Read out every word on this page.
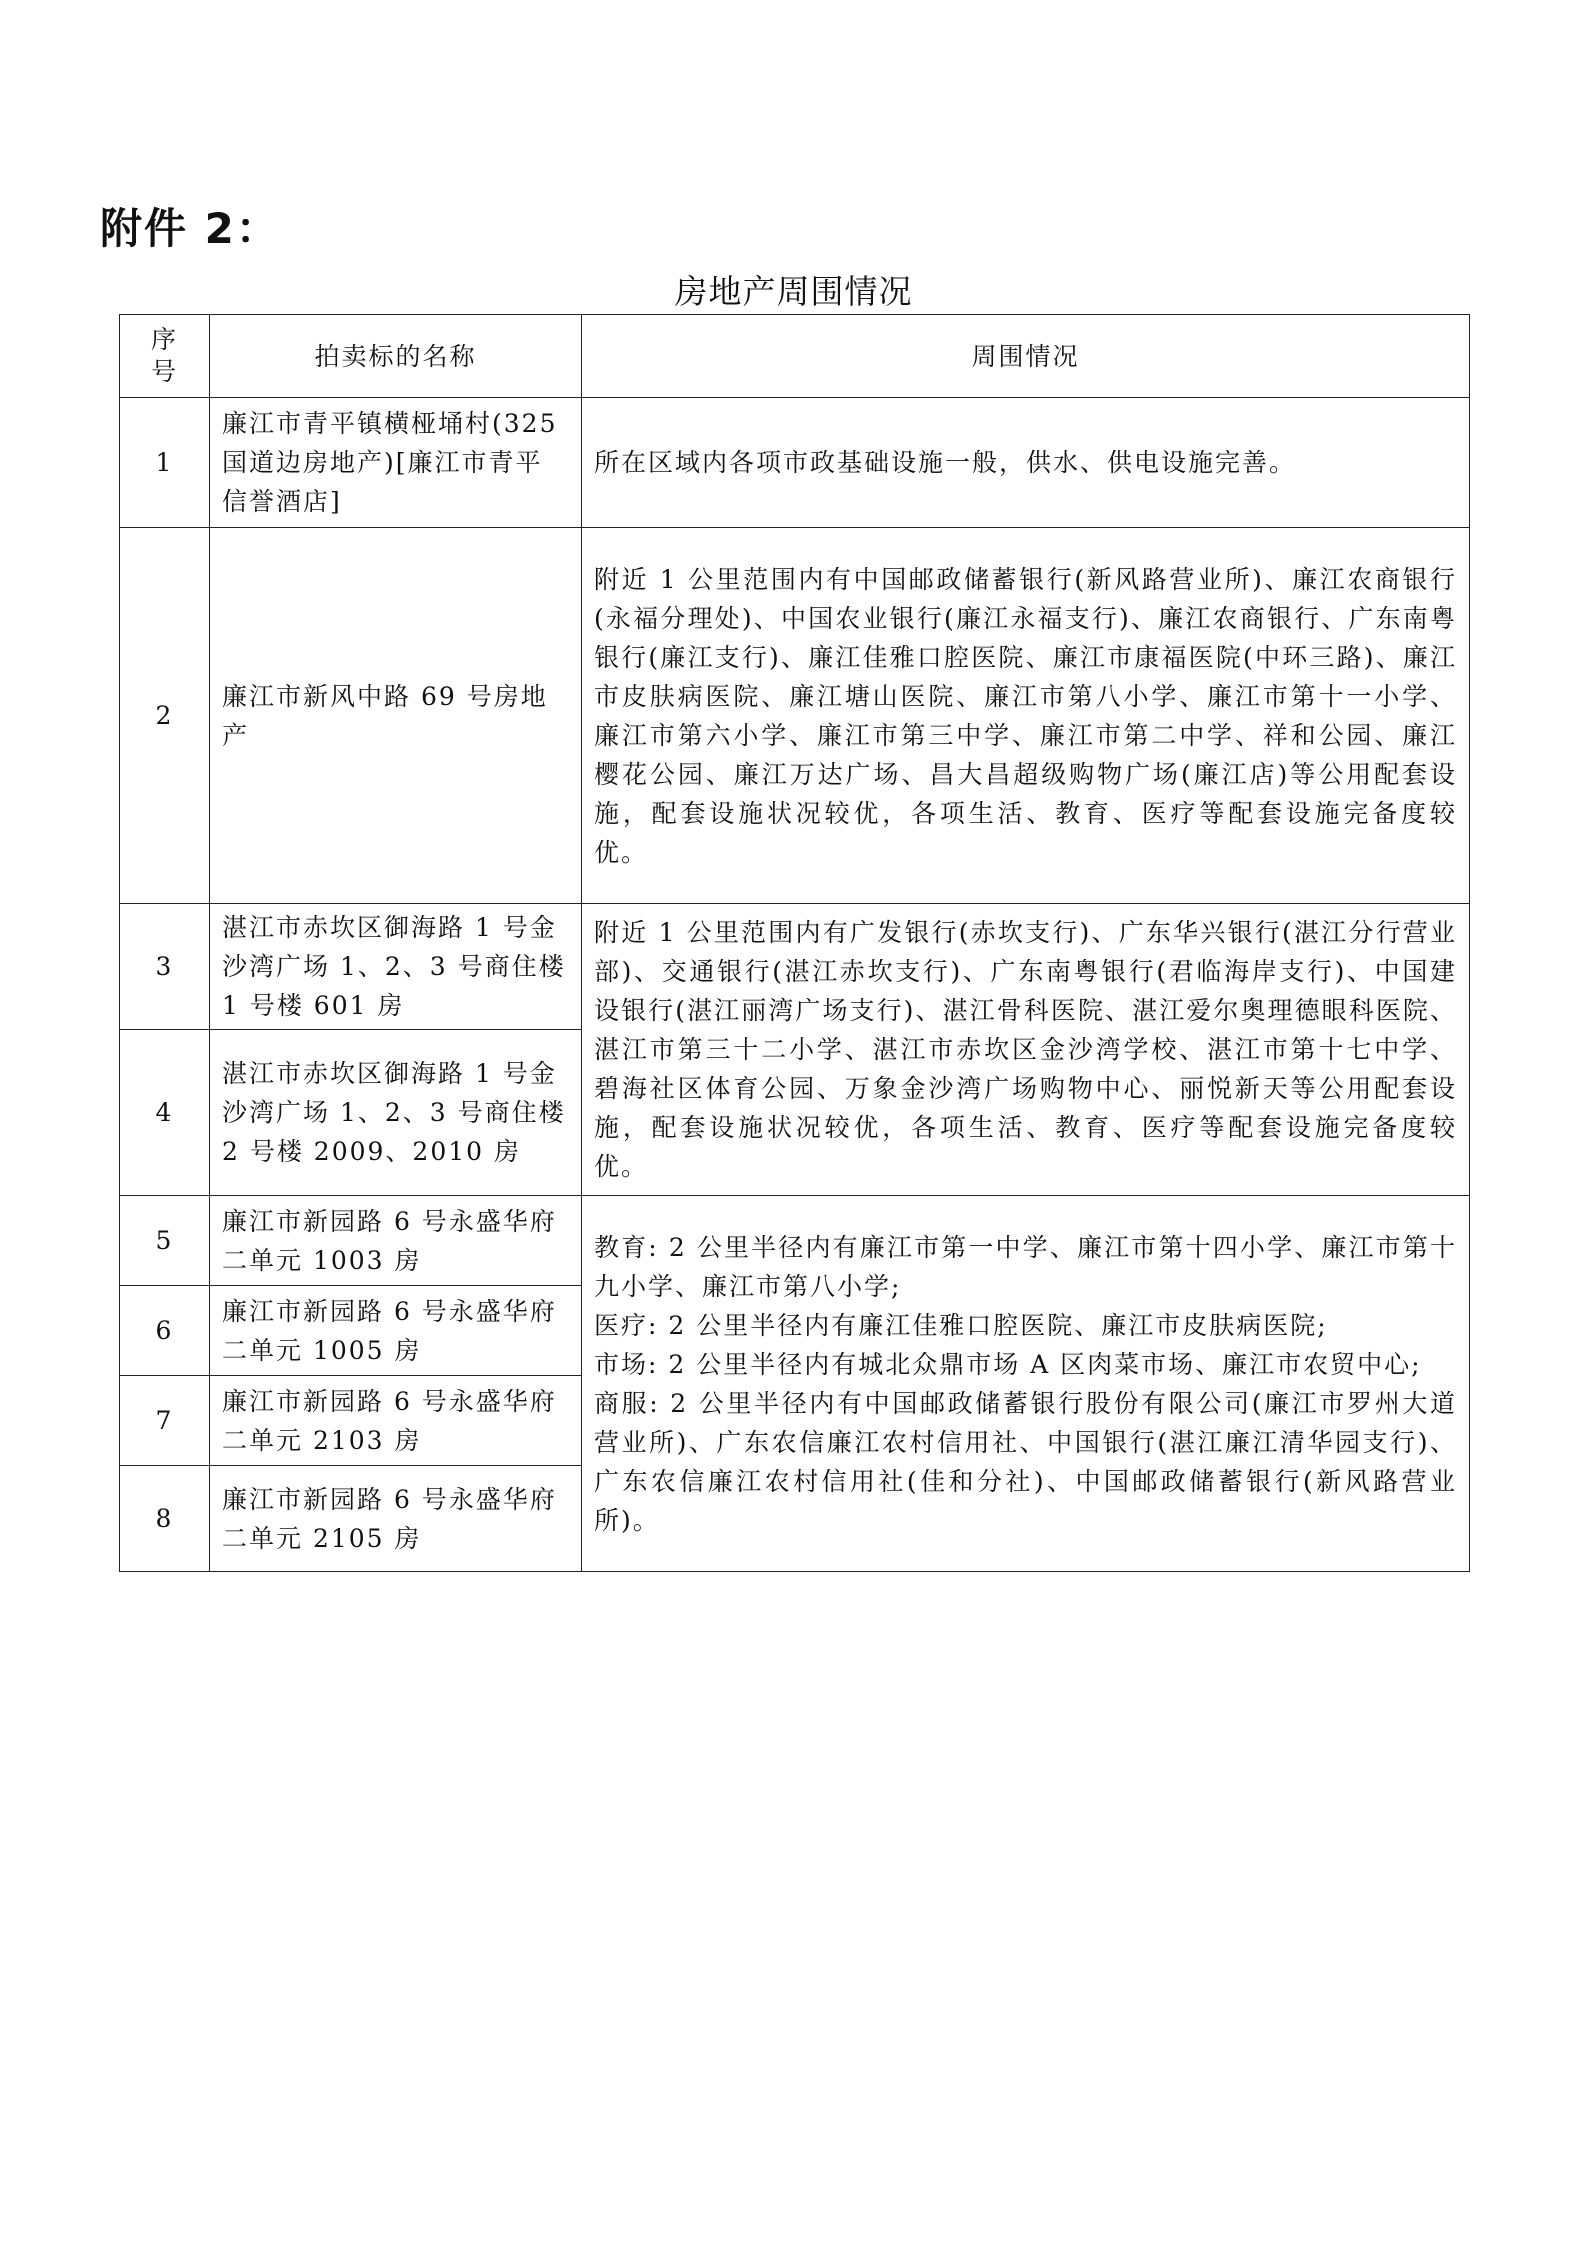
附件 2：
房地产周围情况
序
号	拍卖标的名称	周围情况
1	廉江市青平镇横桠埇村(325 国道边房地产)[廉江市青平信誉酒店]	所在区域内各项市政基础设施一般，供水、供电设施完善。
2	廉江市新风中路 69 号房地产	附近 1 公里范围内有中国邮政储蓄银行(新风路营业所)、廉江农商银行(永福分理处)、中国农业银行(廉江永福支行)、廉江农商银行、广东南粤银行(廉江支行)、廉江佳雅口腔医院、廉江市康福医院(中环三路)、廉江市皮肤病医院、廉江塘山医院、廉江市第八小学、廉江市第十一小学、廉江市第六小学、廉江市第三中学、廉江市第二中学、祥和公园、廉江樱花公园、廉江万达广场、昌大昌超级购物广场(廉江店)等公用配套设施，配套设施状况较优，各项生活、教育、医疗等配套设施完备度较优。
3	湛江市赤坎区御海路 1 号金沙湾广场 1、2、3 号商住楼 1 号楼 601 房	附近 1 公里范围内有广发银行(赤坎支行)、广东华兴银行(湛江分行营业部)、交通银行(湛江赤坎支行)、广东南粤银行(君临海岸支行)、中国建设银行(湛江丽湾广场支行)、湛江骨科医院、湛江爱尔奥理德眼科医院、湛江市第三十二小学、湛江市赤坎区金沙湾学校、湛江市第十七中学、碧海社区体育公园、万象金沙湾广场购物中心、丽悦新天等公用配套设施，配套设施状况较优，各项生活、教育、医疗等配套设施完备度较优。
4	湛江市赤坎区御海路 1 号金沙湾广场 1、2、3 号商住楼 2 号楼 2009、2010 房	
5	廉江市新园路 6 号永盛华府二单元 1003 房	教育: 2 公里半径内有廉江市第一中学、廉江市第十四小学、廉江市第十九小学、廉江市第八小学;
医疗: 2 公里半径内有廉江佳雅口腔医院、廉江市皮肤病医院;
市场: 2 公里半径内有城北众鼎市场 A 区肉菜市场、廉江市农贸中心;
商服: 2 公里半径内有中国邮政储蓄银行股份有限公司(廉江市罗州大道营业所)、广东农信廉江农村信用社、中国银行(湛江廉江清华园支行)、广东农信廉江农村信用社(佳和分社)、中国邮政储蓄银行(新风路营业所)。

6	廉江市新园路 6 号永盛华府二单元 1005 房	
7	廉江市新园路 6 号永盛华府二单元 2103 房	
8	廉江市新园路 6 号永盛华府二单元 2105 房	
